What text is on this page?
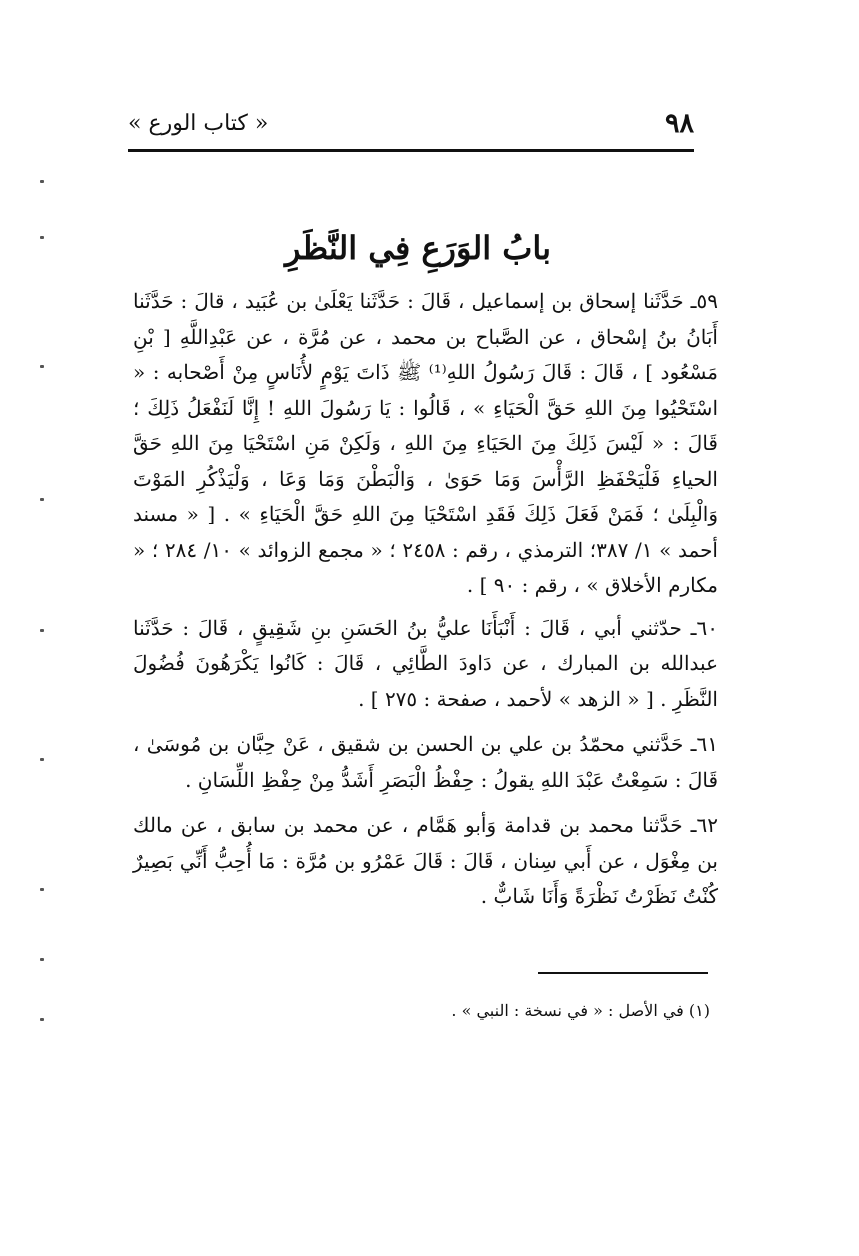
٩٨
« كتاب الورع »
بابُ الوَرَعِ فِي النَّظَرِ

٥٩ـ حَدَّثَنا إسحاق بن إسماعيل ، قَالَ : حَدَّثَنا يَعْلَىٰ بن عُبَيد ، قالَ : حَدَّثَنا أَبَانُ بنُ إسْحاق ، عن الصَّباح بن محمد ، عن مُرَّة ، عن عَبْدِاللَّهِ [ بْنِ مَسْعُود ] ، قَالَ : قَالَ رَسُولُ اللهِ⁽¹⁾ ﷺ ذَاتَ يَوْمٍ لأُنَاسٍ مِنْ أَصْحابه : « اسْتَحْيُوا مِنَ اللهِ حَقَّ الْحَيَاءِ » ، قَالُوا : يَا رَسُولَ اللهِ ! إِنَّا لَنَفْعَلُ ذَلِكَ ؛ قَالَ : « لَيْسَ ذَلِكَ مِنَ الحَيَاءِ مِنَ اللهِ ، وَلَكِنْ مَنِ اسْتَحْيَا مِنَ اللهِ حَقَّ الحياءِ فَلْيَحْفَظِ الرَّأْسَ وَمَا حَوَىٰ ، وَالْبَطْنَ وَمَا وَعَا ، وَلْيَذْكُرِ المَوْتَ وَالْبِلَىٰ ؛ فَمَنْ فَعَلَ ذَلِكَ فَقَدِ اسْتَحْيَا مِنَ اللهِ حَقَّ الْحَيَاءِ » . [ « مسند أحمد » ١/ ٣٨٧؛ الترمذي ، رقم : ٢٤٥٨ ؛ « مجمع الزوائد » ١٠/ ٢٨٤ ؛ « مكارم الأخلاق » ، رقم : ٩٠ ] .

٦٠ـ حدّثني أبي ، قَالَ : أَنْبَأَنَا عليُّ بنُ الحَسَنِ بنِ شَقِيقٍ ، قَالَ : حَدَّثَنا عبدالله بن المبارك ، عن دَاودَ الطَّائِي ، قَالَ : كَانُوا يَكْرَهُونَ فُضُولَ النَّظَرِ . [ « الزهد » لأحمد ، صفحة : ٢٧٥ ] .

٦١ـ حَدَّثني محمّدُ بن علي بن الحسن بن شقيق ، عَنْ حِبَّان بن مُوسَىٰ ، قَالَ : سَمِعْتُ عَبْدَ اللهِ يقولُ : حِفْظُ الْبَصَرِ أَشَدُّ مِنْ حِفْظِ اللِّسَانِ .

٦٢ـ حَدَّثنا محمد بن قدامة وَأبو هَمَّام ، عن محمد بن سابق ، عن مالك بن مِغْوَل ، عن أَبي سِنان ، قَالَ : قَالَ عَمْرُو بن مُرَّة : مَا أُحِبُّ أَنِّي بَصِيرٌ كُنْتُ نَظَرْتُ نَظْرَةً وَأَنَا شَابٌّ .

(١) في الأصل : « في نسخة : النبي » .
